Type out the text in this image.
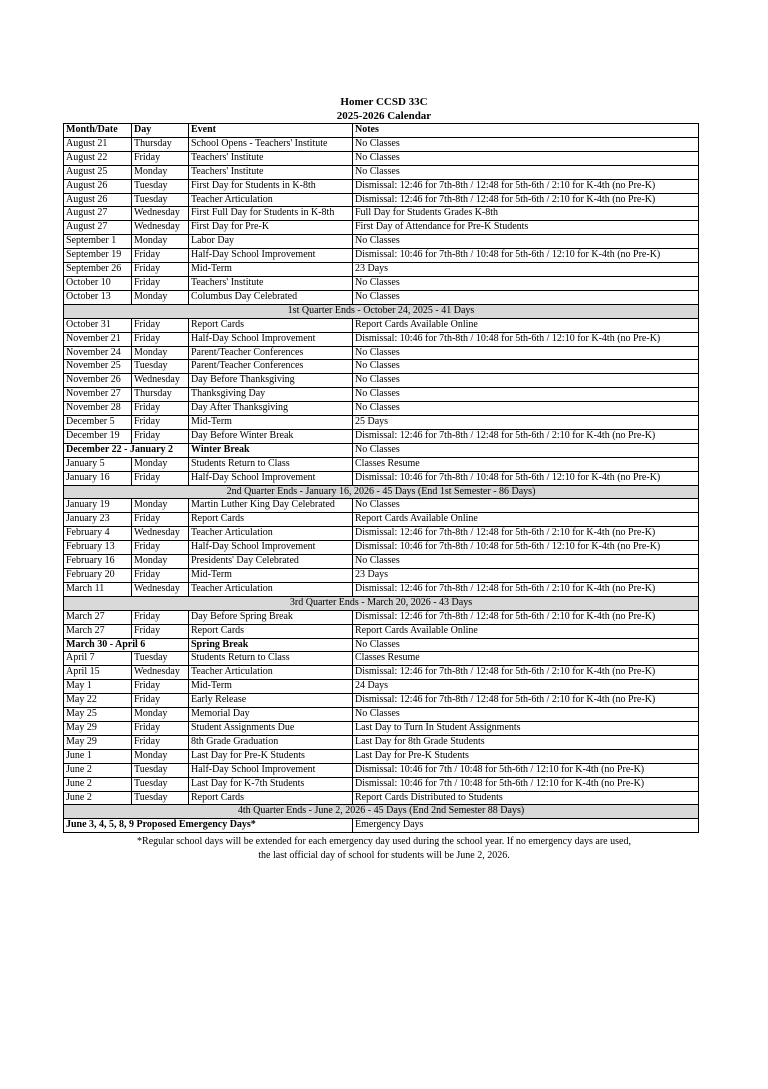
Homer CCSD 33C
2025-2026 Calendar
Month/Date	Day	Event	Notes
August 21	Thursday	School Opens - Teachers' Institute	No Classes
August 22	Friday	Teachers' Institute	No Classes
August 25	Monday	Teachers' Institute	No Classes
August 26	Tuesday	First Day for Students in K-8th	Dismissal: 12:46 for 7th-8th / 12:48 for 5th-6th / 2:10 for K-4th (no Pre-K)
August 26	Tuesday	Teacher Articulation	Dismissal: 12:46 for 7th-8th / 12:48 for 5th-6th / 2:10 for K-4th (no Pre-K)
August 27	Wednesday	First Full Day for Students in K-8th	Full Day for Students Grades K-8th
August 27	Wednesday	First Day for Pre-K	First Day of Attendance for Pre-K Students
September 1	Monday	Labor Day	No Classes
September 19	Friday	Half-Day School Improvement	Dismissal: 10:46 for 7th-8th / 10:48 for 5th-6th / 12:10 for K-4th (no Pre-K)
September 26	Friday	Mid-Term	23 Days
October 10	Friday	Teachers' Institute	No Classes
October 13	Monday	Columbus Day Celebrated	No Classes
1st Quarter Ends - October 24, 2025 - 41 Days			
October 31	Friday	Report Cards	Report Cards Available Online
November 21	Friday	Half-Day School Improvement	Dismissal: 10:46 for 7th-8th / 10:48 for 5th-6th / 12:10 for K-4th (no Pre-K)
November 24	Monday	Parent/Teacher Conferences	No Classes
November 25	Tuesday	Parent/Teacher Conferences	No Classes
November 26	Wednesday	Day Before Thanksgiving	No Classes
November 27	Thursday	Thanksgiving Day	No Classes
November 28	Friday	Day After Thanksgiving	No Classes
December 5	Friday	Mid-Term	25 Days
December 19	Friday	Day Before Winter Break	Dismissal: 12:46 for 7th-8th / 12:48 for 5th-6th / 2:10 for K-4th (no Pre-K)
December 22 - January 2		Winter Break	No Classes
January 5	Monday	Students Return to Class	Classes Resume
January 16	Friday	Half-Day School Improvement	Dismissal: 10:46 for 7th-8th / 10:48 for 5th-6th / 12:10 for K-4th (no Pre-K)
2nd Quarter Ends - January 16, 2026 - 45 Days (End 1st Semester - 86 Days)			
January 19	Monday	Martin Luther King Day Celebrated	No Classes
January 23	Friday	Report Cards	Report Cards Available Online
February 4	Wednesday	Teacher Articulation	Dismissal: 12:46 for 7th-8th / 12:48 for 5th-6th / 2:10 for K-4th (no Pre-K)
February 13	Friday	Half-Day School Improvement	Dismissal: 10:46 for 7th-8th / 10:48 for 5th-6th / 12:10 for K-4th (no Pre-K)
February 16	Monday	Presidents' Day Celebrated	No Classes
February 20	Friday	Mid-Term	23 Days
March 11	Wednesday	Teacher Articulation	Dismissal: 12:46 for 7th-8th / 12:48 for 5th-6th / 2:10 for K-4th (no Pre-K)
3rd Quarter Ends - March 20, 2026 - 43 Days			
March 27	Friday	Day Before Spring Break	Dismissal: 12:46 for 7th-8th / 12:48 for 5th-6th / 2:10 for K-4th (no Pre-K)
March 27	Friday	Report Cards	Report Cards Available Online
March 30 - April 6		Spring Break	No Classes
April 7	Tuesday	Students Return to Class	Classes Resume
April 15	Wednesday	Teacher Articulation	Dismissal: 12:46 for 7th-8th / 12:48 for 5th-6th / 2:10 for K-4th (no Pre-K)
May 1	Friday	Mid-Term	24 Days
May 22	Friday	Early Release	Dismissal: 12:46 for 7th-8th / 12:48 for 5th-6th / 2:10 for K-4th (no Pre-K)
May 25	Monday	Memorial Day	No Classes
May 29	Friday	Student Assignments Due	Last Day to Turn In Student Assignments
May 29	Friday	8th Grade Graduation	Last Day for 8th Grade Students
June 1	Monday	Last Day for Pre-K Students	Last Day for Pre-K Students
June 2	Tuesday	Half-Day School Improvement	Dismissal: 10:46 for 7th / 10:48 for 5th-6th / 12:10 for K-4th (no Pre-K)
June 2	Tuesday	Last Day for K-7th Students	Dismissal: 10:46 for 7th / 10:48 for 5th-6th / 12:10 for K-4th (no Pre-K)
June 2	Tuesday	Report Cards	Report Cards Distributed to Students
4th Quarter Ends - June 2, 2026 - 45 Days (End 2nd Semester 88 Days)			
June 3, 4, 5, 8, 9 Proposed Emergency Days*			Emergency Days
*Regular school days will be extended for each emergency day used during the school year. If no emergency days are used,
the last official day of school for students will be June 2, 2026.
